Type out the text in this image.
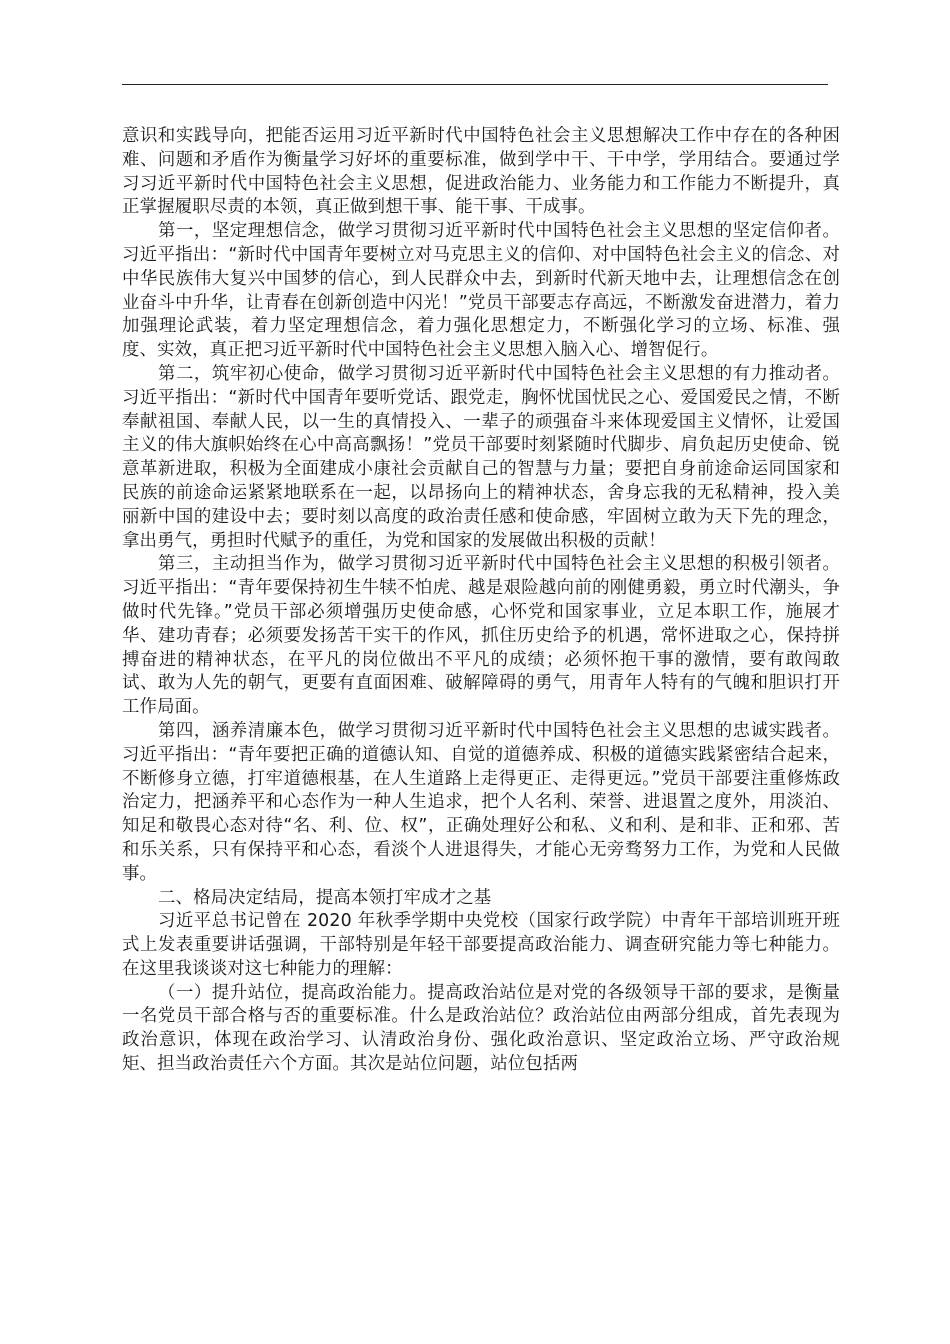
意识和实践导向，把能否运用习近平新时代中国特色社会主义思想解决工作中存在的各种困难、问题和矛盾作为衡量学习好坏的重要标准，做到学中干、干中学，学用结合。要通过学习习近平新时代中国特色社会主义思想，促进政治能力、业务能力和工作能力不断提升，真正掌握履职尽责的本领，真正做到想干事、能干事、干成事。

第一，坚定理想信念，做学习贯彻习近平新时代中国特色社会主义思想的坚定信仰者。习近平指出：“新时代中国青年要树立对马克思主义的信仰、对中国特色社会主义的信念、对中华民族伟大复兴中国梦的信心，到人民群众中去，到新时代新天地中去，让理想信念在创业奋斗中升华，让青春在创新创造中闪光！”党员干部要志存高远，不断激发奋进潜力，着力加强理论武装，着力坚定理想信念，着力强化思想定力，不断强化学习的立场、标准、强度、实效，真正把习近平新时代中国特色社会主义思想入脑入心、增智促行。

第二，筑牢初心使命，做学习贯彻习近平新时代中国特色社会主义思想的有力推动者。习近平指出：“新时代中国青年要听党话、跟党走，胸怀忧国忧民之心、爱国爱民之情，不断奉献祖国、奉献人民，以一生的真情投入、一辈子的顽强奋斗来体现爱国主义情怀，让爱国主义的伟大旗帜始终在心中高高飘扬！”党员干部要时刻紧随时代脚步、肩负起历史使命、锐意革新进取，积极为全面建成小康社会贡献自己的智慧与力量；要把自身前途命运同国家和民族的前途命运紧紧地联系在一起，以昂扬向上的精神状态，舍身忘我的无私精神，投入美丽新中国的建设中去；要时刻以高度的政治责任感和使命感，牢固树立敢为天下先的理念，拿出勇气，勇担时代赋予的重任，为党和国家的发展做出积极的贡献！

第三，主动担当作为，做学习贯彻习近平新时代中国特色社会主义思想的积极引领者。习近平指出：“青年要保持初生牛犊不怕虎、越是艰险越向前的刚健勇毅，勇立时代潮头，争做时代先锋。”党员干部必须增强历史使命感，心怀党和国家事业，立足本职工作，施展才华、建功青春；必须要发扬苦干实干的作风，抓住历史给予的机遇，常怀进取之心，保持拼搏奋进的精神状态，在平凡的岗位做出不平凡的成绩；必须怀抱干事的激情，要有敢闯敢试、敢为人先的朝气，更要有直面困难、破解障碍的勇气，用青年人特有的气魄和胆识打开工作局面。

第四，涵养清廉本色，做学习贯彻习近平新时代中国特色社会主义思想的忠诚实践者。习近平指出：“青年要把正确的道德认知、自觉的道德养成、积极的道德实践紧密结合起来，不断修身立德，打牢道德根基，在人生道路上走得更正、走得更远。”党员干部要注重修炼政治定力，把涵养平和心态作为一种人生追求，把个人名利、荣誉、进退置之度外，用淡泊、知足和敬畏心态对待“名、利、位、权”，正确处理好公和私、义和利、是和非、正和邪、苦和乐关系，只有保持平和心态，看淡个人进退得失，才能心无旁骛努力工作，为党和人民做事。

二、格局决定结局，提高本领打牢成才之基

习近平总书记曾在 2020 年秋季学期中央党校（国家行政学院）中青年干部培训班开班式上发表重要讲话强调，干部特别是年轻干部要提高政治能力、调查研究能力等七种能力。在这里我谈谈对这七种能力的理解：

（一）提升站位，提高政治能力。提高政治站位是对党的各级领导干部的要求，是衡量一名党员干部合格与否的重要标准。什么是政治站位？政治站位由两部分组成，首先表现为政治意识，体现在政治学习、认清政治身份、强化政治意识、坚定政治立场、严守政治规矩、担当政治责任六个方面。其次是站位问题，站位包括两
